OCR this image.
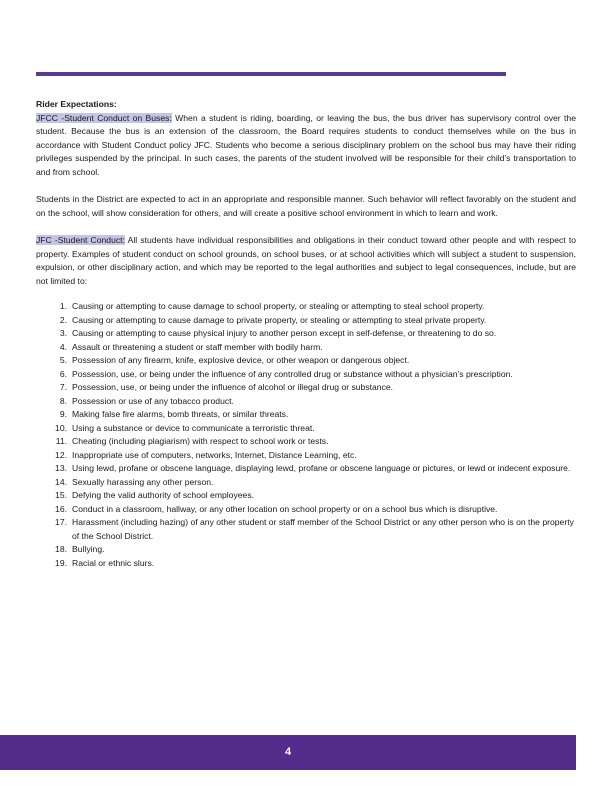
Rider Expectations:

JFCC -Student Conduct on Buses: When a student is riding, boarding, or leaving the bus, the bus driver has supervisory control over the student. Because the bus is an extension of the classroom, the Board requires students to conduct themselves while on the bus in accordance with Student Conduct policy JFC. Students who become a serious disciplinary problem on the school bus may have their riding privileges suspended by the principal. In such cases, the parents of the student involved will be responsible for their child’s transportation to and from school.

Students in the District are expected to act in an appropriate and responsible manner. Such behavior will reflect favorably on the student and on the school, will show consideration for others, and will create a positive school environment in which to learn and work.

JFC -Student Conduct: All students have individual responsibilities and obligations in their conduct toward other people and with respect to property. Examples of student conduct on school grounds, on school buses, or at school activities which will subject a student to suspension, expulsion, or other disciplinary action, and which may be reported to the legal authorities and subject to legal consequences, include, but are not limited to:

1. Causing or attempting to cause damage to school property, or stealing or attempting to steal school property.
2. Causing or attempting to cause damage to private property, or stealing or attempting to steal private property.
3. Causing or attempting to cause physical injury to another person except in self-defense, or threatening to do so.
4. Assault or threatening a student or staff member with bodily harm.
5. Possession of any firearm, knife, explosive device, or other weapon or dangerous object.
6. Possession, use, or being under the influence of any controlled drug or substance without a physician’s prescription.
7. Possession, use, or being under the influence of alcohol or illegal drug or substance.
8. Possession or use of any tobacco product.
9. Making false fire alarms, bomb threats, or similar threats.
10. Using a substance or device to communicate a terroristic threat.
11. Cheating (including plagiarism) with respect to school work or tests.
12. Inappropriate use of computers, networks, Internet, Distance Learning, etc.
13. Using lewd, profane or obscene language, displaying lewd, profane or obscene language or pictures, or lewd or indecent exposure.
14. Sexually harassing any other person.
15. Defying the valid authority of school employees.
16. Conduct in a classroom, hallway, or any other location on school property or on a school bus which is disruptive.
17. Harassment (including hazing) of any other student or staff member of the School District or any other person who is on the property of the School District.
18. Bullying.
19. Racial or ethnic slurs.
4
